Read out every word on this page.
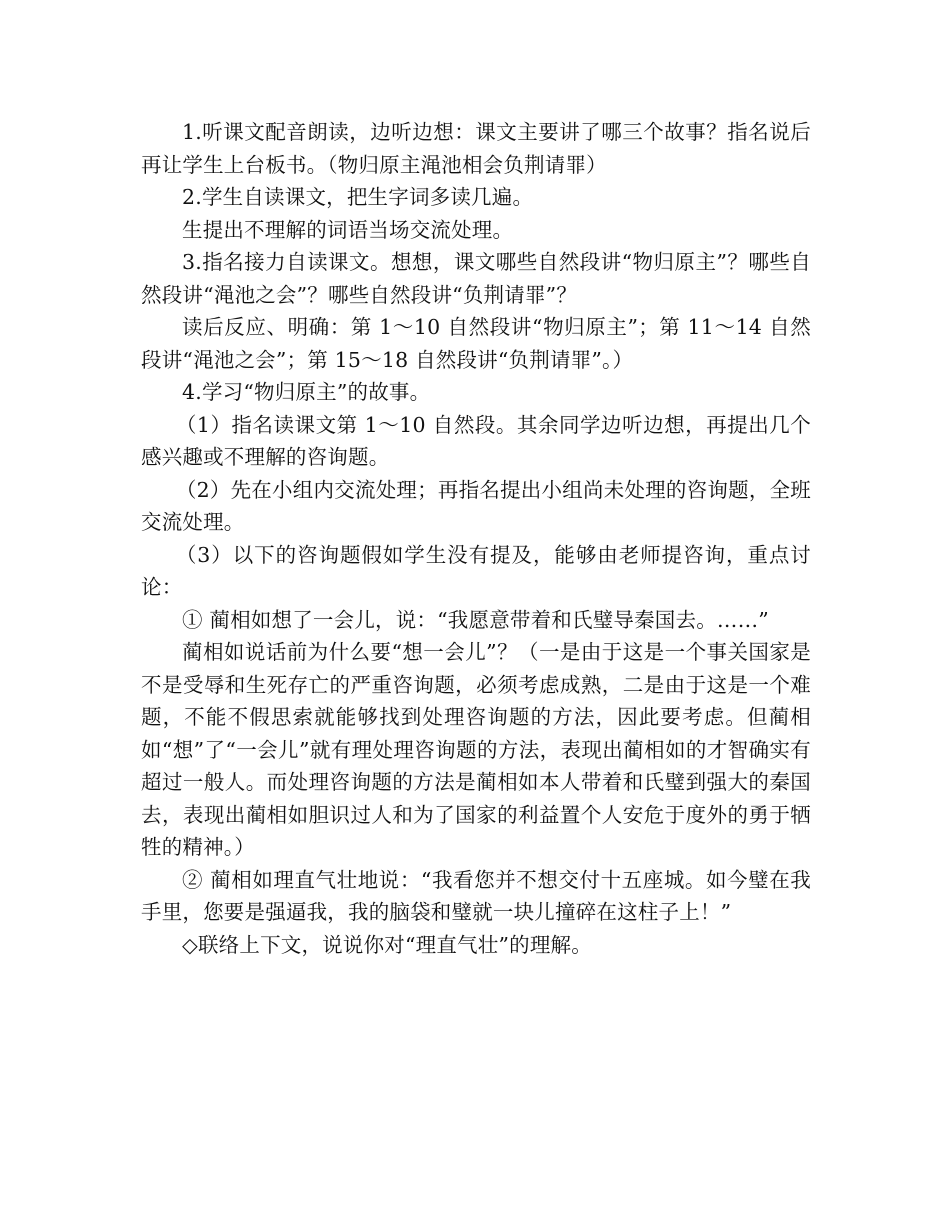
1.听课文配音朗读，边听边想：课文主要讲了哪三个故事？指名说后再让学生上台板书。（物归原主渑池相会负荆请罪）

2.学生自读课文，把生字词多读几遍。

生提出不理解的词语当场交流处理。

3.指名接力自读课文。想想，课文哪些自然段讲“物归原主”？哪些自然段讲“渑池之会”？哪些自然段讲“负荆请罪”？

读后反应、明确：第 1～10 自然段讲“物归原主”；第 11～14 自然段讲“渑池之会”；第 15～18 自然段讲“负荆请罪”。）

4.学习“物归原主”的故事。

（1）指名读课文第 1～10 自然段。其余同学边听边想，再提出几个感兴趣或不理解的咨询题。

（2）先在小组内交流处理；再指名提出小组尚未处理的咨询题，全班交流处理。

（3）以下的咨询题假如学生没有提及，能够由老师提咨询，重点讨论：

① 蔺相如想了一会儿，说：“我愿意带着和氏璧导秦国去。……”

蔺相如说话前为什么要“想一会儿”？（一是由于这是一个事关国家是不是受辱和生死存亡的严重咨询题，必须考虑成熟，二是由于这是一个难题，不能不假思索就能够找到处理咨询题的方法，因此要考虑。但蔺相如“想”了“一会儿”就有理处理咨询题的方法，表现出蔺相如的才智确实有超过一般人。而处理咨询题的方法是蔺相如本人带着和氏璧到强大的秦国去，表现出蔺相如胆识过人和为了国家的利益置个人安危于度外的勇于牺牲的精神。）

② 蔺相如理直气壮地说：“我看您并不想交付十五座城。如今璧在我手里，您要是强逼我，我的脑袋和璧就一块儿撞碎在这柱子上！”

◇联络上下文，说说你对“理直气壮”的理解。
